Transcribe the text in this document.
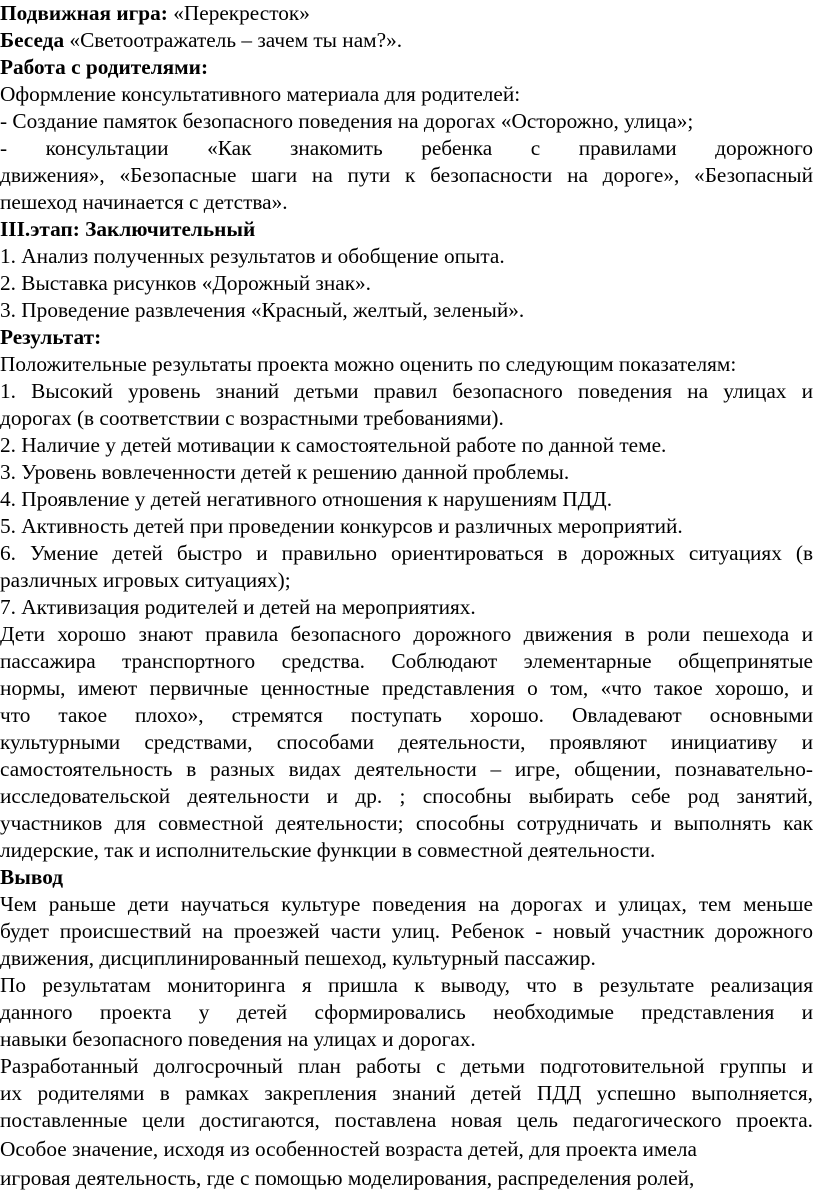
Подвижная игра: «Перекресток»
Беседа «Светоотражатель – зачем ты нам?».
Работа с родителями:
Оформление консультативного материала для родителей:
- Создание памяток безопасного поведения на дорогах «Осторожно, улица»;
- консультации «Как знакомить ребенка с правилами дорожного
движения», «Безопасные шаги на пути к безопасности на дороге», «Безопасный
пешеход начинается с детства».
III.этап: Заключительный
1. Анализ полученных результатов и обобщение опыта.
2. Выставка рисунков «Дорожный знак».
3. Проведение развлечения «Красный, желтый, зеленый».
Результат:
Положительные результаты проекта можно оценить по следующим показателям:
1. Высокий уровень знаний детьми правил безопасного поведения на улицах и
дорогах (в соответствии с возрастными требованиями).
2. Наличие у детей мотивации к самостоятельной работе по данной теме.
3. Уровень вовлеченности детей к решению данной проблемы.
4. Проявление у детей негативного отношения к нарушениям ПДД.
5. Активность детей при проведении конкурсов и различных мероприятий.
6. Умение детей быстро и правильно ориентироваться в дорожных ситуациях (в
различных игровых ситуациях);
7. Активизация родителей и детей на мероприятиях.
Дети хорошо знают правила безопасного дорожного движения в роли пешехода и
пассажира транспортного средства. Соблюдают элементарные общепринятые
нормы, имеют первичные ценностные представления о том, «что такое хорошо, и
что такое плохо», стремятся поступать хорошо. Овладевают основными
культурными средствами, способами деятельности, проявляют инициативу и
самостоятельность в разных видах деятельности – игре, общении, познавательно-
исследовательской деятельности и др. ; способны выбирать себе род занятий,
участников для совместной деятельности; способны сотрудничать и выполнять как
лидерские, так и исполнительские функции в совместной деятельности.
Вывод
Чем раньше дети научаться культуре поведения на дорогах и улицах, тем меньше
будет происшествий на проезжей части улиц. Ребенок - новый участник дорожного
движения, дисциплинированный пешеход, культурный пассажир.
По результатам мониторинга я пришла к выводу, что в результате реализация
данного проекта у детей сформировались необходимые представления и
навыки безопасного поведения на улицах и дорогах.
Разработанный долгосрочный план работы с детьми подготовительной группы и
их родителями в рамках закрепления знаний детей ПДД успешно выполняется,
поставленные цели достигаются, поставлена новая цель педагогического проекта.
Особое значение, исходя из особенностей возраста детей, для проекта имела
игровая деятельность, где с помощью моделирования, распределения ролей,
